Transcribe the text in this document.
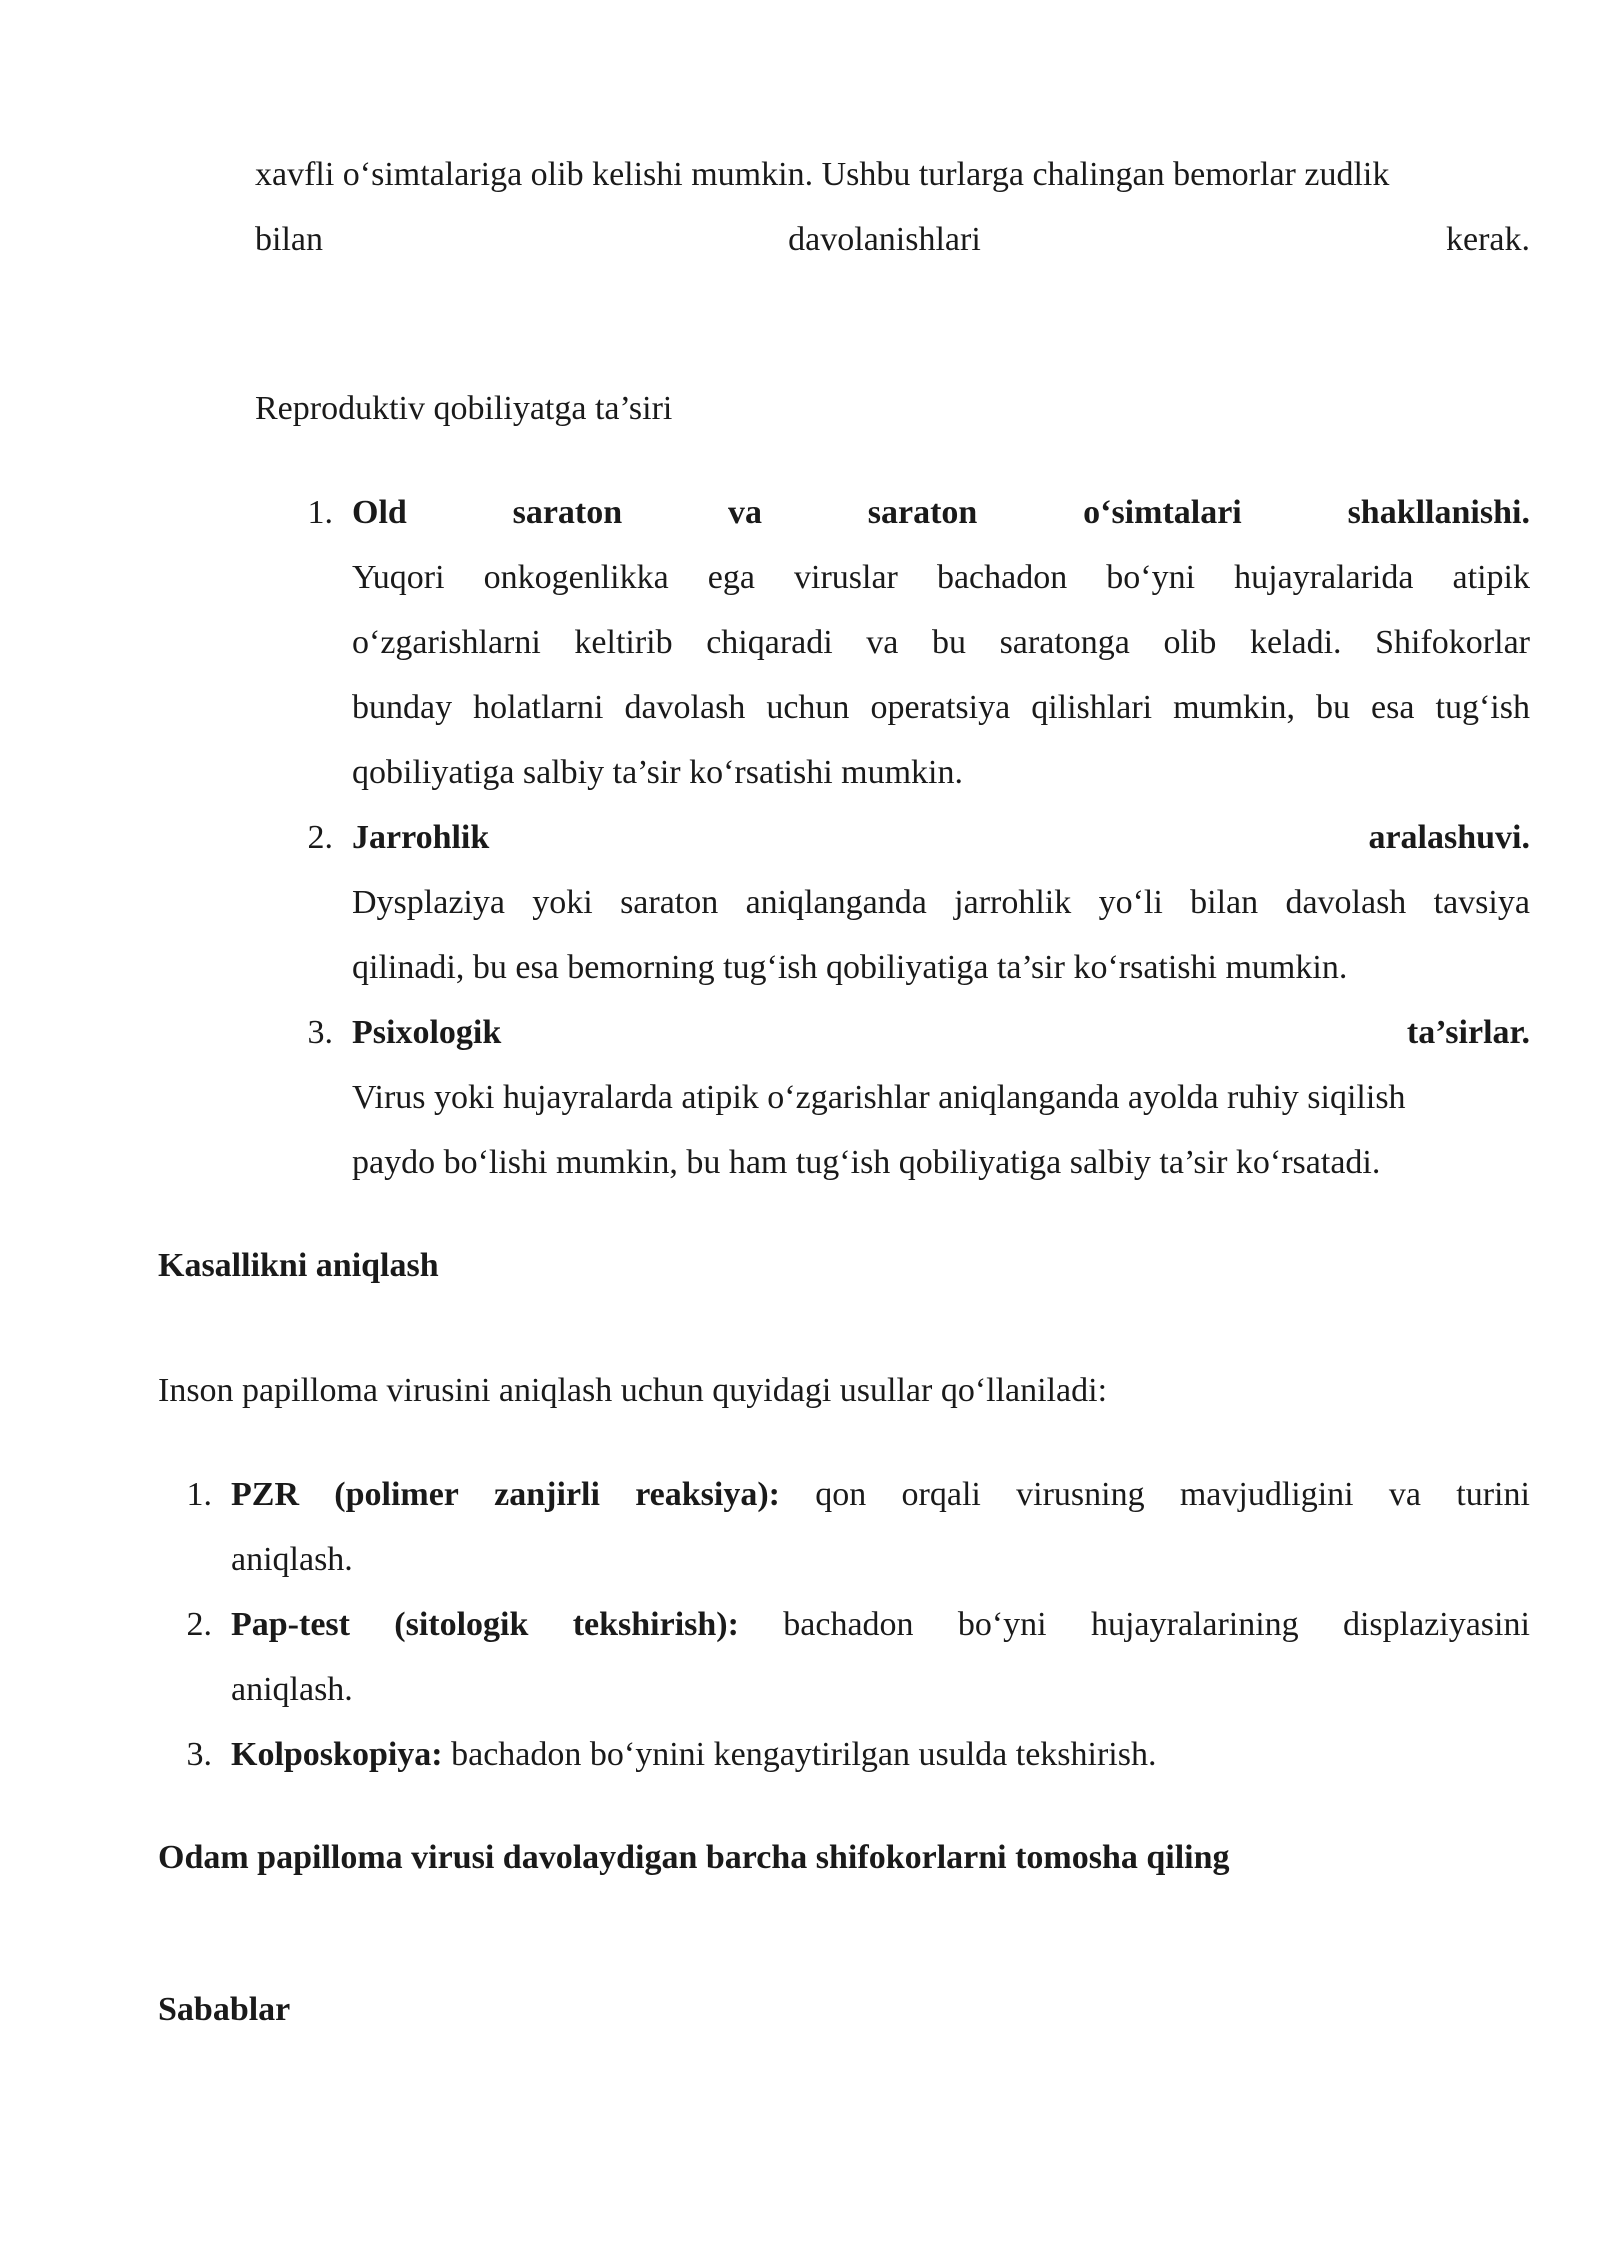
xavfli o‘simtalariga olib kelishi mumkin. Ushbu turlarga chalingan bemorlar zudlik
bilan	davolanishlari	kerak.
Reproduktiv qobiliyatga ta’siri
1. Old	saraton	va	saraton	o‘simtalari	shakllanishi.
Yuqori onkogenlikka ega viruslar bachadon bo‘yni hujayralarida atipik
o‘zgarishlarni keltirib chiqaradi va bu saratonga olib keladi. Shifokorlar
bunday holatlarni davolash uchun operatsiya qilishlari mumkin, bu esa tug‘ish
qobiliyatiga salbiy ta’sir ko‘rsatishi mumkin.
2. Jarrohlik	aralashuvi.
Dysplaziya yoki saraton aniqlanganda jarrohlik yo‘li bilan davolash tavsiya
qilinadi, bu esa bemorning tug‘ish qobiliyatiga ta’sir ko‘rsatishi mumkin.
3. Psixologik	ta’sirlar.
Virus yoki hujayralarda atipik o‘zgarishlar aniqlanganda ayolda ruhiy siqilish
paydo bo‘lishi mumkin, bu ham tug‘ish qobiliyatiga salbiy ta’sir ko‘rsatadi.
Kasallikni aniqlash
Inson papilloma virusini aniqlash uchun quyidagi usullar qo‘llaniladi:
1. PZR (polimer zanjirli reaksiya): qon orqali virusning mavjudligini va turini
aniqlash.
2. Pap-test (sitologik tekshirish): bachadon bo‘yni hujayralarining displaziyasini
aniqlash.
3. Kolposkopiya: bachadon bo‘ynini kengaytirilgan usulda tekshirish.
Odam papilloma virusi davolaydigan barcha shifokorlarni tomosha qiling
Sabablar
